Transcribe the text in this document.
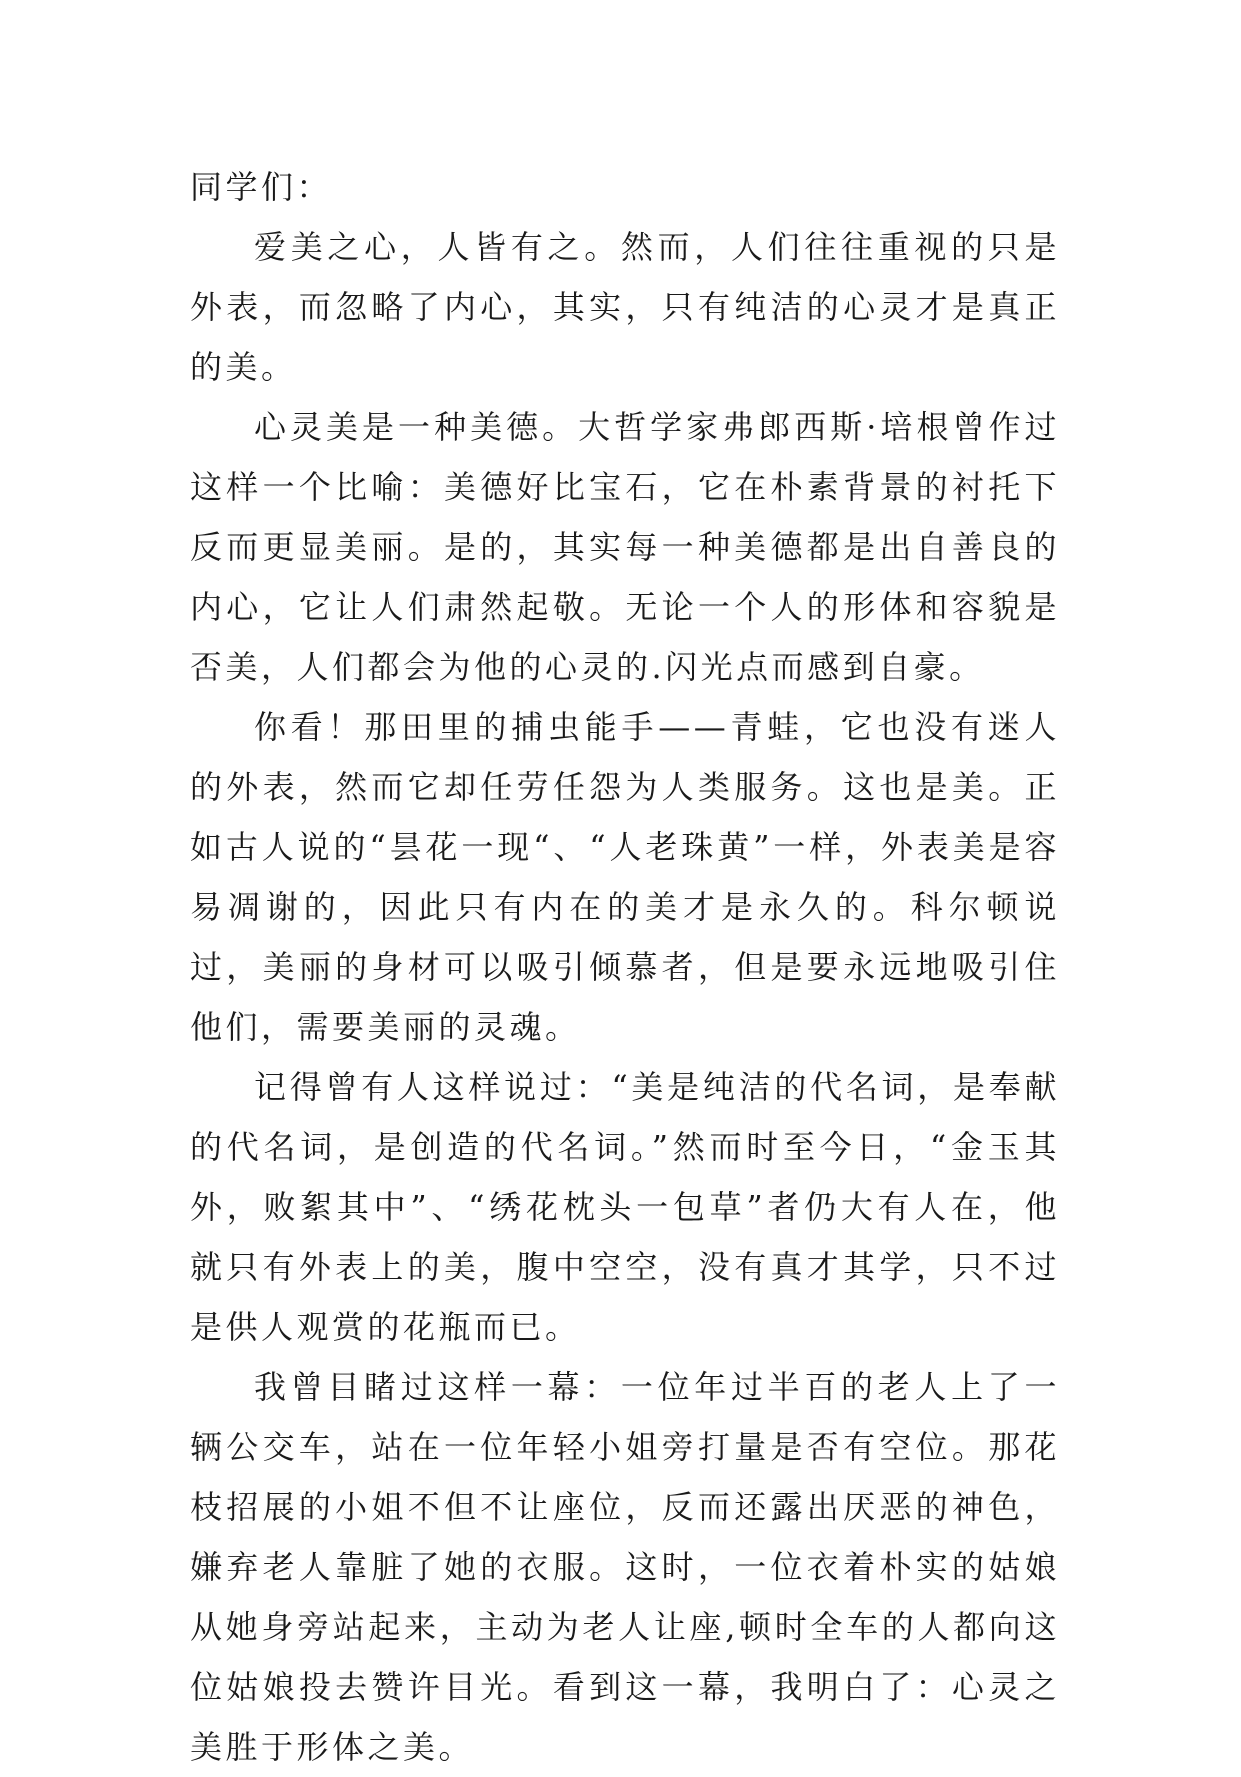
同学们：

爱美之心，人皆有之。然而，人们往往重视的只是外表，而忽略了内心，其实，只有纯洁的心灵才是真正的美。

心灵美是一种美德。大哲学家弗郎西斯·培根曾作过这样一个比喻：美德好比宝石，它在朴素背景的衬托下反而更显美丽。是的，其实每一种美德都是出自善良的内心，它让人们肃然起敬。无论一个人的形体和容貌是否美，人们都会为他的心灵的.闪光点而感到自豪。

你看！那田里的捕虫能手——青蛙，它也没有迷人的外表，然而它却任劳任怨为人类服务。这也是美。正如古人说的“昙花一现“、“人老珠黄”一样，外表美是容易凋谢的，因此只有内在的美才是永久的。科尔顿说过，美丽的身材可以吸引倾慕者，但是要永远地吸引住他们，需要美丽的灵魂。

记得曾有人这样说过：“美是纯洁的代名词，是奉献的代名词，是创造的代名词。”然而时至今日，“金玉其外，败絮其中”、“绣花枕头一包草”者仍大有人在，他就只有外表上的美，腹中空空，没有真才其学，只不过是供人观赏的花瓶而已。

我曾目睹过这样一幕：一位年过半百的老人上了一辆公交车，站在一位年轻小姐旁打量是否有空位。那花枝招展的小姐不但不让座位，反而还露出厌恶的神色，嫌弃老人靠脏了她的衣服。这时，一位衣着朴实的姑娘从她身旁站起来，主动为老人让座,顿时全车的人都向这位姑娘投去赞许目光。看到这一幕，我明白了：心灵之美胜于形体之美。
